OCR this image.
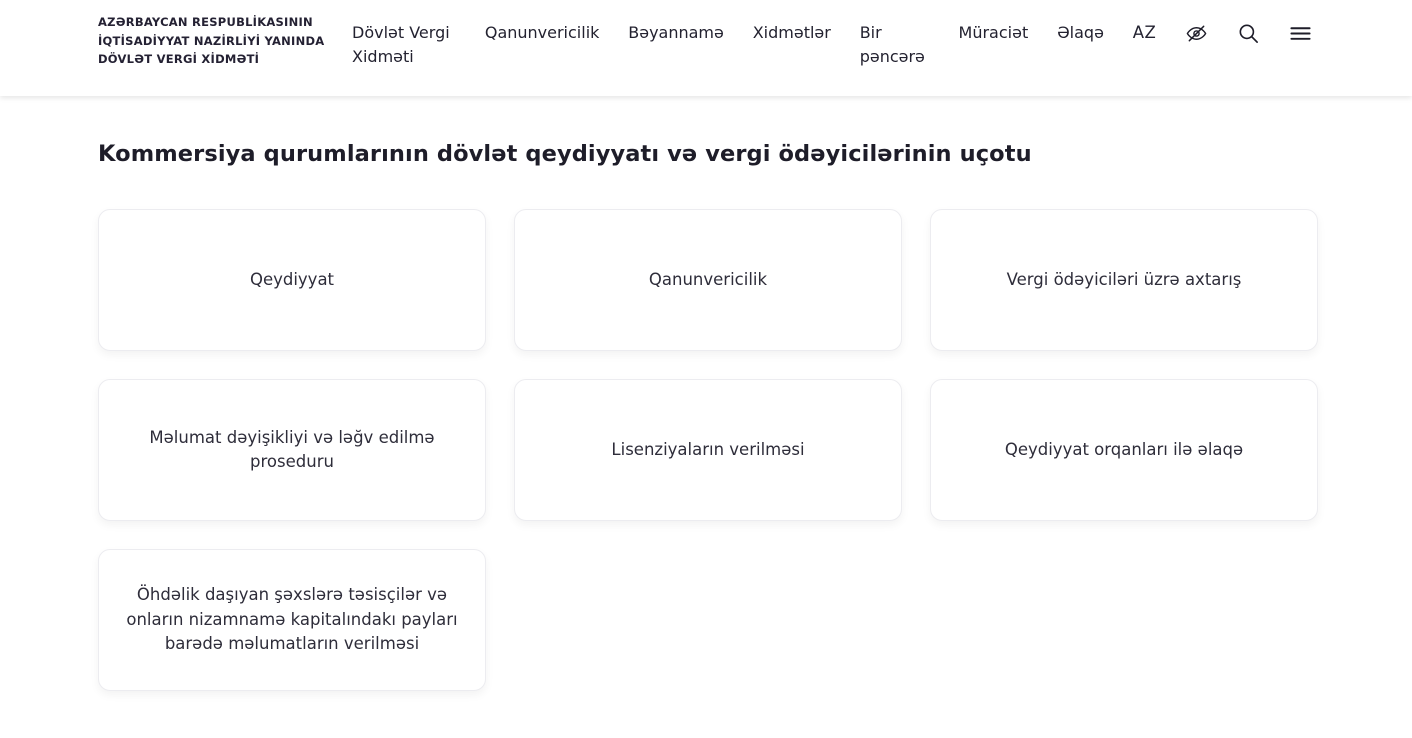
AZƏRBAYCAN RESPUBLİKASININ
İQTİSADİYYAT NAZİRLİYİ YANINDA
DÖVLƏT VERGİ XİDMƏTİ
Dövlət Vergi Xidməti
Qanunvericilik Bəyannamə Xidmətlər Bir pəncərə
Müraciət Əlaqə AZ
Kommersiya qurumlarının dövlət qeydiyyatı və vergi ödəyicilərinin uçotu
Qeydiyyat	Qanunvericilik	Vergi ödəyiciləri üzrə axtarış
Məlumat dəyişikliyi və ləğv edilmə proseduru
Lisenziyaların verilməsi	Qeydiyyat orqanları ilə əlaqə
Öhdəlik daşıyan şəxslərə təsisçilər və onların nizamnamə kapitalındakı payları barədə məlumatların verilməsi
